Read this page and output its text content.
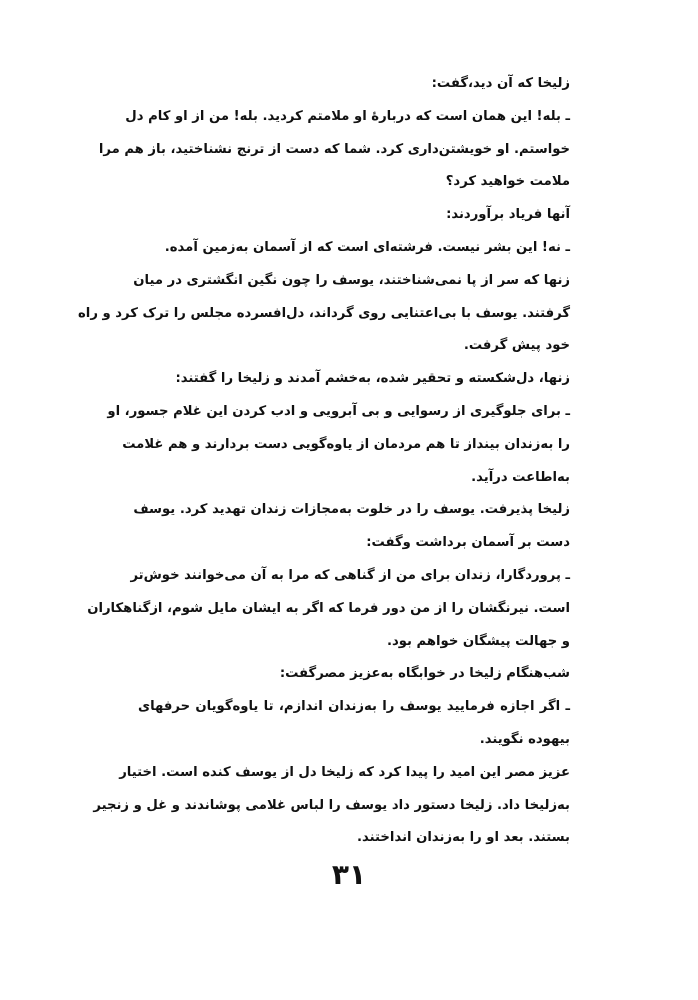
زلیخا که آن دید،گفت:
ـ بله! این همان است که دربارهٔ او ملامتم کردید. بله! من از او کام دل
خواستم. او خویشتن‌داری کرد. شما که دست از ترنج نشناختید، باز هم مرا
ملامت خواهید کرد؟
آنها فریاد برآوردند:
ـ نه! این بشر نیست. فرشته‌ای است که از آسمان به‌زمین آمده.
زنها که سر از پا نمی‌شناختند، یوسف را چون نگین انگشتری در میان
گرفتند. یوسف با بی‌اعتنایی روی گرداند، دل‌افسرده مجلس را ترک کرد و راه
خود پیش گرفت.
زنها، دل‌شکسته و تحقیر شده، به‌خشم آمدند و زلیخا را گفتند:
ـ برای جلوگیری از رسوایی و بی آبرویی و ادب کردن این غلام جسور، او
را به‌زندان بینداز تا هم مردمان از یاوه‌گویی دست بردارند و هم غلامت
به‌اطاعت درآید.
زلیخا پذیرفت. یوسف را در خلوت به‌مجازات زندان تهدید کرد. یوسف
دست بر آسمان برداشت وگفت:
ـ پروردگارا، زندان برای من از گناهی که مرا به آن می‌خوانند خوش‌تر
است. نیرنگشان را از من دور فرما که اگر به ایشان مایل شوم، ازگناهکاران
و جهالت پیشگان خواهم بود.
شب‌هنگام زلیخا در خوابگاه به‌عزیز مصرگفت:
ـ اگر اجازه فرمایید یوسف را به‌زندان اندازم، تا یاوه‌گویان حرفهای
بیهوده نگویند.
عزیز مصر این امید را پیدا کرد که زلیخا دل از یوسف کنده است. اختیار
به‌زلیخا داد. زلیخا دستور داد یوسف را لباس غلامی پوشاندند و غل و زنجیر
بستند. بعد او را به‌زندان انداختند.
۳۱
